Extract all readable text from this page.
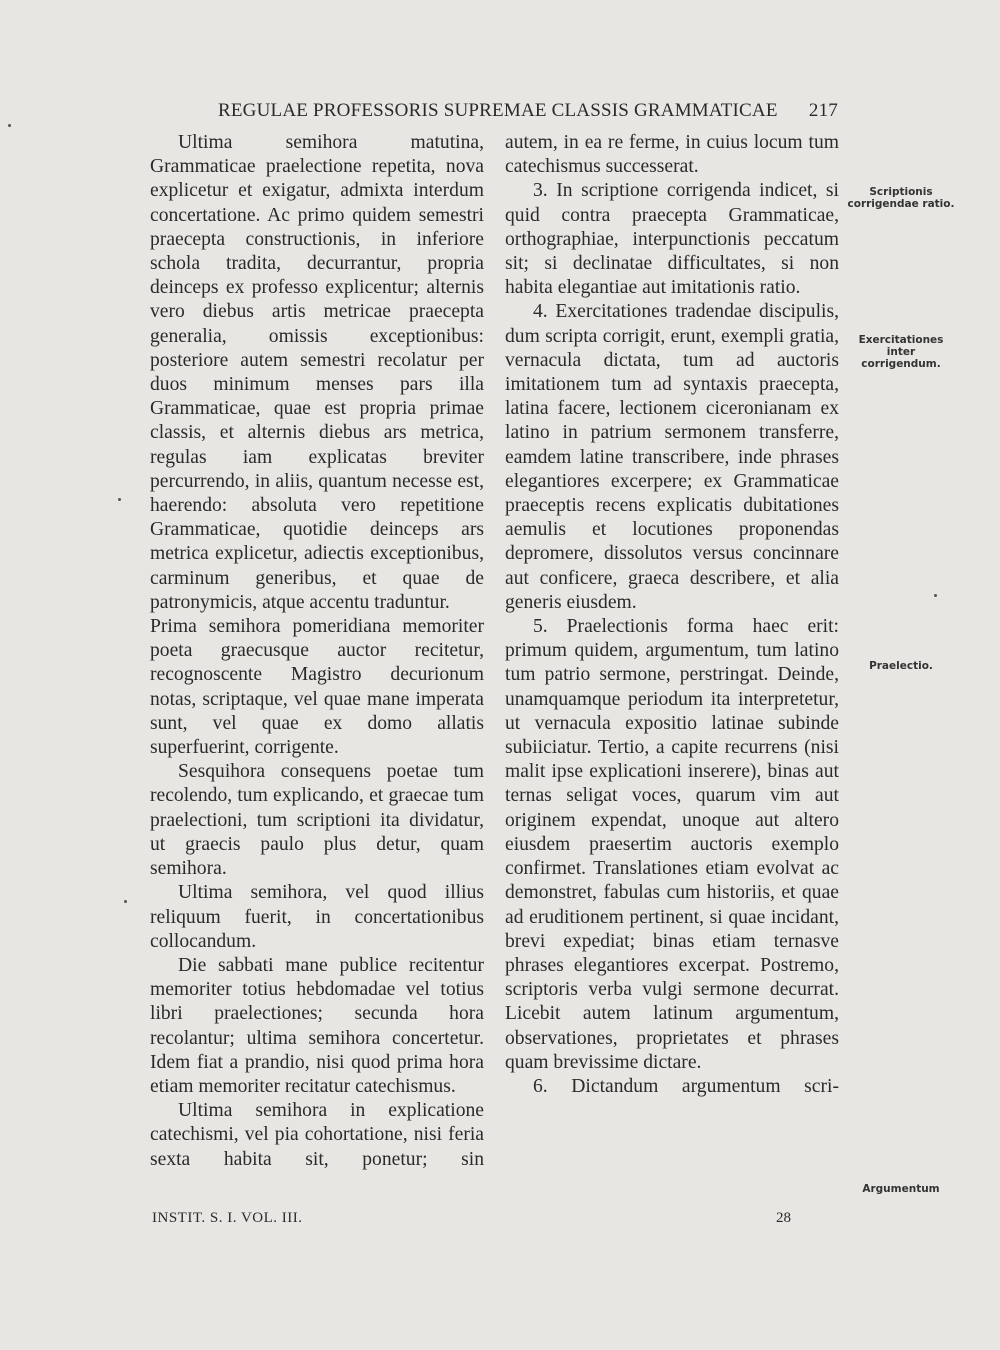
REGULAE PROFESSORIS SUPREMAE CLASSIS GRAMMATICAE 217

Ultima semihora matutina, Grammaticae praelectione repetita, nova explicetur et exigatur, admixta interdum concertatione. Ac primo quidem semestri praecepta constructionis, in inferiore schola tradita, decurrantur, propria deinceps ex professo explicentur; alternis vero diebus artis metricae praecepta generalia, omissis exceptionibus: posteriore autem semestri recolatur per duos minimum menses pars illa Grammaticae, quae est propria primae classis, et alternis diebus ars metrica, regulas iam explicatas breviter percurrendo, in aliis, quantum necesse est, haerendo: absoluta vero repetitione Grammaticae, quotidie deinceps ars metrica explicetur, adiectis exceptionibus, carminum generibus, et quae de patronymicis, atque accentu traduntur.

Prima semihora pomeridiana memoriter poeta graecusque auctor recitetur, recognoscente Magistro decurionum notas, scriptaque, vel quae mane imperata sunt, vel quae ex domo allatis superfuerint, corrigente.

Sesquihora consequens poetae tum recolendo, tum explicando, et graecae tum praelectioni, tum scriptioni ita dividatur, ut graecis paulo plus detur, quam semihora.

Ultima semihora, vel quod illius reliquum fuerit, in concertationibus collocandum.

Die sabbati mane publice recitentur memoriter totius hebdomadae vel totius libri praelectiones; secunda hora recolantur; ultima semihora concertetur. Idem fiat a prandio, nisi quod prima hora etiam memoriter recitatur catechismus.

Ultima semihora in explicatione catechismi, vel pia cohortatione, nisi feria sexta habita sit, ponetur; sin

autem, in ea re ferme, in cuius locum tum catechismus successerat.

3. In scriptione corrigenda indicet, si quid contra praecepta Grammaticae, orthographiae, interpunctionis peccatum sit; si declinatae difficultates, si non habita elegantiae aut imitationis ratio.

4. Exercitationes tradendae discipulis, dum scripta corrigit, erunt, exempli gratia, vernacula dictata, tum ad auctoris imitationem tum ad syntaxis praecepta, latina facere, lectionem ciceronianam ex latino in patrium sermonem transferre, eamdem latine transcribere, inde phrases elegantiores excerpere; ex Grammaticae praeceptis recens explicatis dubitationes aemulis et locutiones proponendas depromere, dissolutos versus concinnare aut conficere, graeca describere, et alia generis eiusdem.

5. Praelectionis forma haec erit: primum quidem, argumentum, tum latino tum patrio sermone, perstringat. Deinde, unamquamque periodum ita interpretetur, ut vernacula expositio latinae subinde subiiciatur. Tertio, a capite recurrens (nisi malit ipse explicationi inserere), binas aut ternas seligat voces, quarum vim aut originem expendat, unoque aut altero eiusdem praesertim auctoris exemplo confirmet. Translationes etiam evolvat ac demonstret, fabulas cum historiis, et quae ad eruditionem pertinent, si quae incidant, brevi expediat; binas etiam ternasve phrases elegantiores excerpat. Postremo, scriptoris verba vulgi sermone decurrat. Licebit autem latinum argumentum, observationes, proprietates et phrases quam brevissime dictare.

6. Dictandum argumentum scri-

Scriptionis corrigendae ratio.
Exercitationes inter corrigendum.
Praelectio.
Argumentum
INSTIT. S. I. VOL. III.	28
